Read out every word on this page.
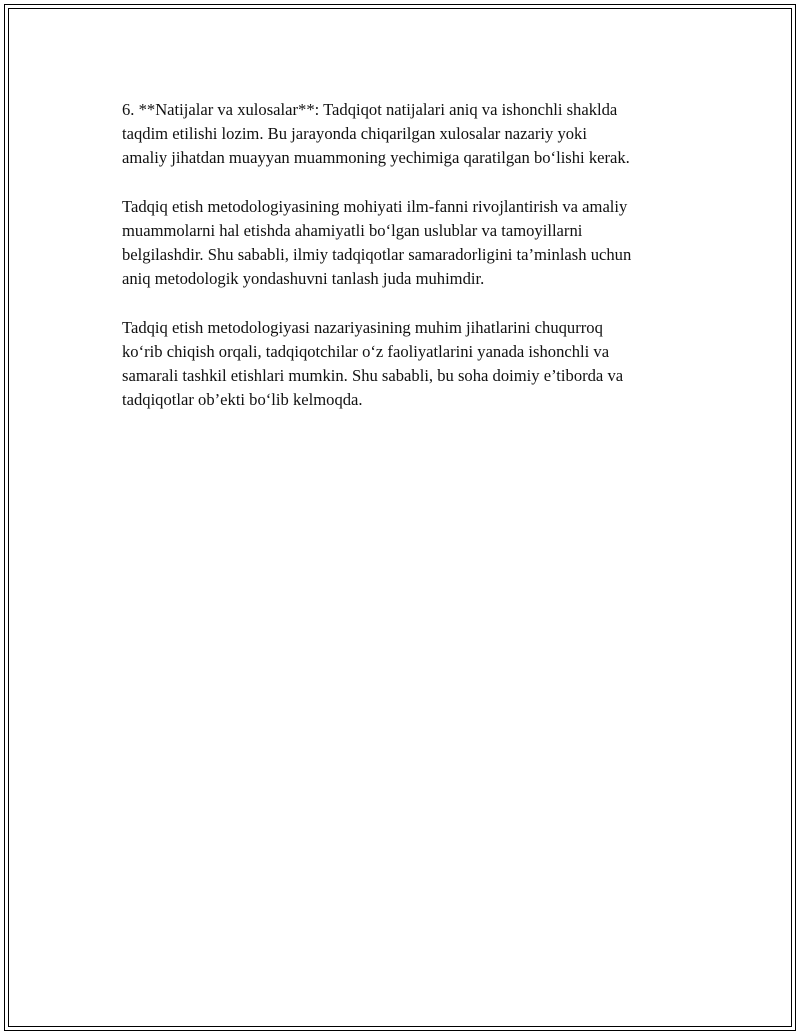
6. **Natijalar va xulosalar**: Tadqiqot natijalari aniq va ishonchli shaklda
taqdim etilishi lozim. Bu jarayonda chiqarilgan xulosalar nazariy yoki
amaliy jihatdan muayyan muammoning yechimiga qaratilgan bo‘lishi kerak.

Tadqiq etish metodologiyasining mohiyati ilm-fanni rivojlantirish va amaliy
muammolarni hal etishda ahamiyatli bo‘lgan uslublar va tamoyillarni
belgilashdir. Shu sababli, ilmiy tadqiqotlar samaradorligini ta’minlash uchun
aniq metodologik yondashuvni tanlash juda muhimdir.

Tadqiq etish metodologiyasi nazariyasining muhim jihatlarini chuqurroq
ko‘rib chiqish orqali, tadqiqotchilar o‘z faoliyatlarini yanada ishonchli va
samarali tashkil etishlari mumkin. Shu sababli, bu soha doimiy e’tiborda va
tadqiqotlar ob’ekti bo‘lib kelmoqda.
